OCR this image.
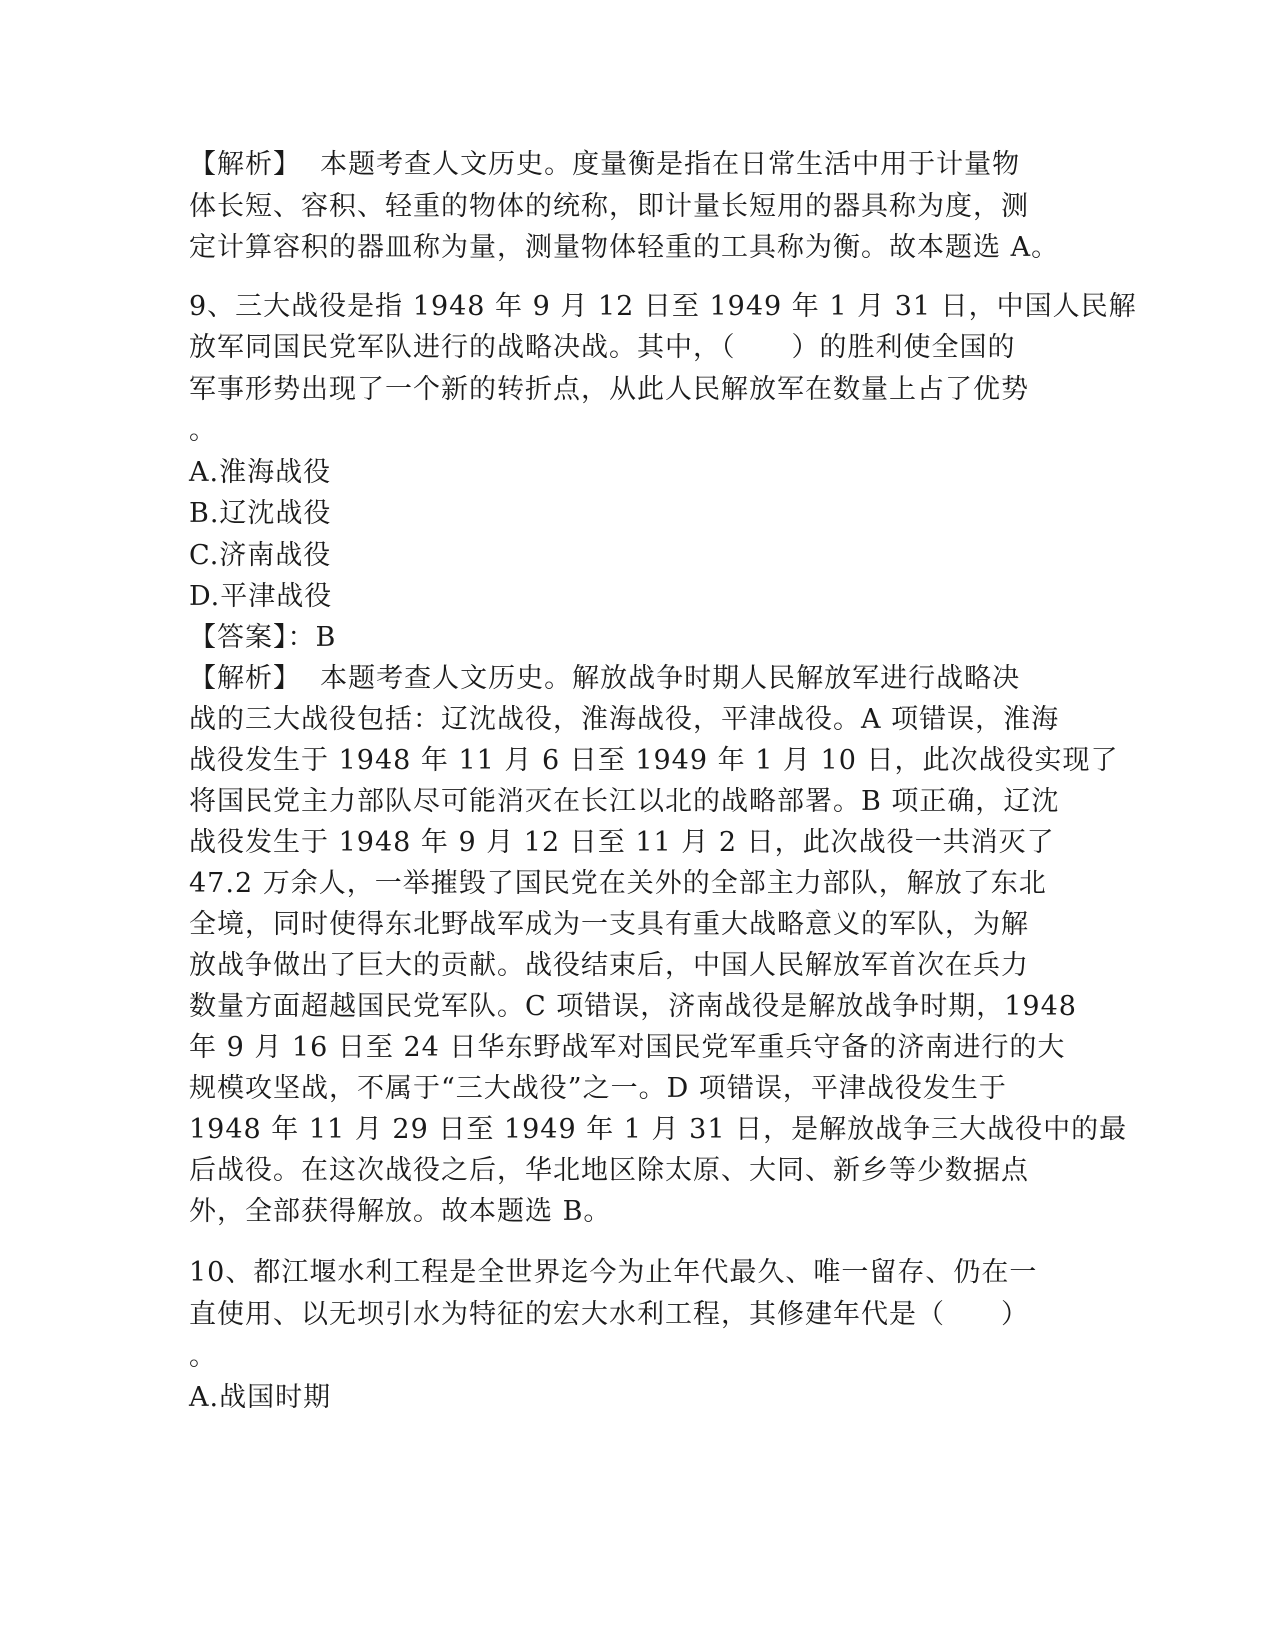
【解析】  本题考查人文历史。度量衡是指在日常生活中用于计量物
体长短、容积、轻重的物体的统称，即计量长短用的器具称为度，测
定计算容积的器皿称为量，测量物体轻重的工具称为衡。故本题选 A。
9、三大战役是指 1948 年 9 月 12 日至 1949 年 1 月 31 日，中国人民解
放军同国民党军队进行的战略决战。其中，（　　）的胜利使全国的
军事形势出现了一个新的转折点，从此人民解放军在数量上占了优势
。
A.淮海战役
B.辽沈战役
C.济南战役
D.平津战役
【答案】：B
【解析】  本题考查人文历史。解放战争时期人民解放军进行战略决
战的三大战役包括：辽沈战役，淮海战役，平津战役。A 项错误，淮海
战役发生于 1948 年 11 月 6 日至 1949 年 1 月 10 日，此次战役实现了
将国民党主力部队尽可能消灭在长江以北的战略部署。B 项正确，辽沈
战役发生于 1948 年 9 月 12 日至 11 月 2 日，此次战役一共消灭了
47.2 万余人，一举摧毁了国民党在关外的全部主力部队，解放了东北
全境，同时使得东北野战军成为一支具有重大战略意义的军队，为解
放战争做出了巨大的贡献。战役结束后，中国人民解放军首次在兵力
数量方面超越国民党军队。C 项错误，济南战役是解放战争时期，1948
年 9 月 16 日至 24 日华东野战军对国民党军重兵守备的济南进行的大
规模攻坚战，不属于“三大战役”之一。D 项错误，平津战役发生于
1948 年 11 月 29 日至 1949 年 1 月 31 日，是解放战争三大战役中的最
后战役。在这次战役之后，华北地区除太原、大同、新乡等少数据点
外，全部获得解放。故本题选 B。
10、都江堰水利工程是全世界迄今为止年代最久、唯一留存、仍在一
直使用、以无坝引水为特征的宏大水利工程，其修建年代是（　　）
。
A.战国时期
